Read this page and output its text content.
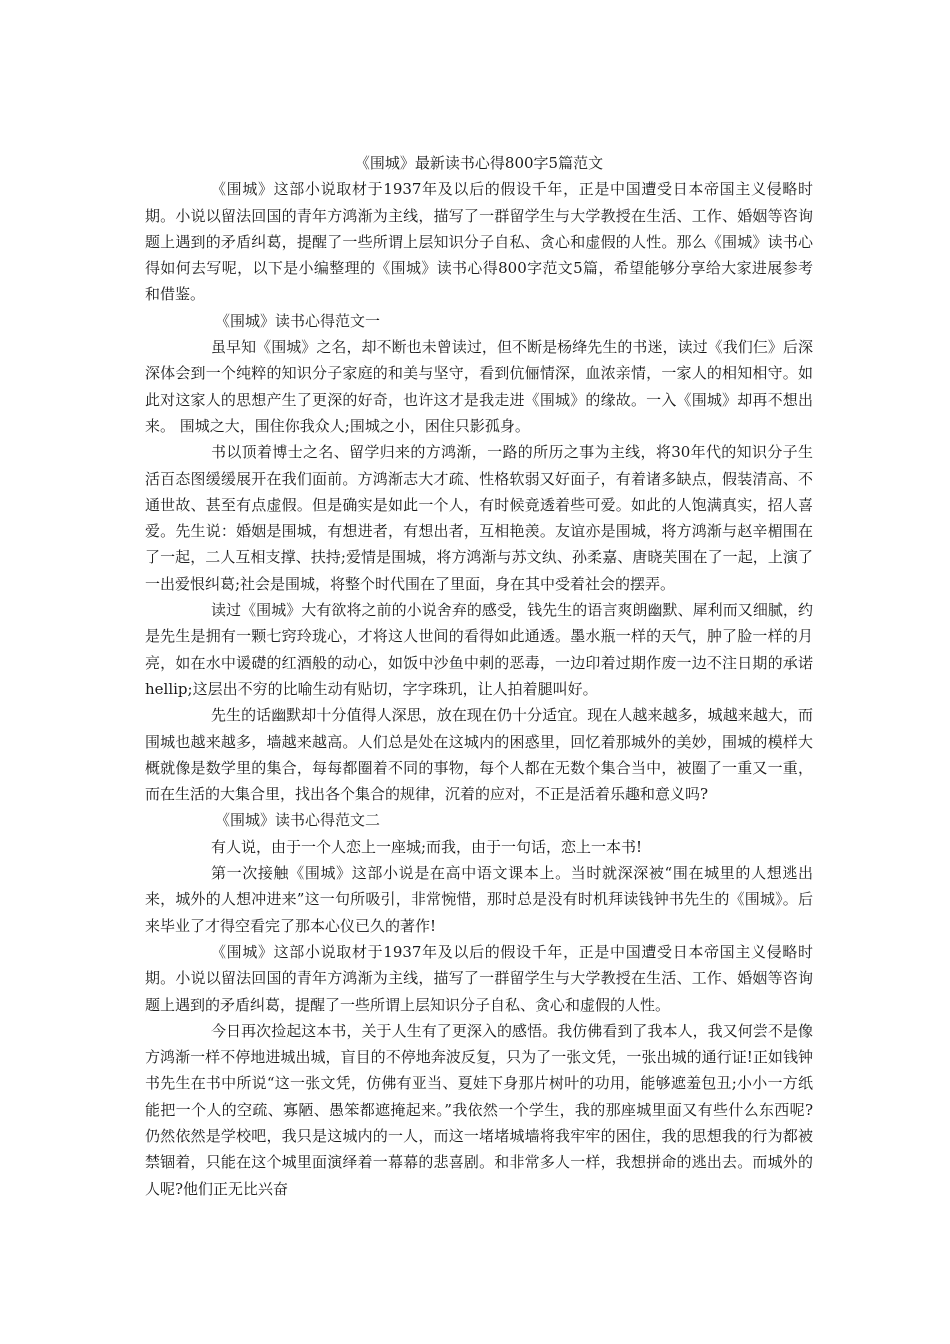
《围城》最新读书心得800字5篇范文

《围城》这部小说取材于1937年及以后的假设千年，正是中国遭受日本帝国主义侵略时期。小说以留法回国的青年方鸿渐为主线，描写了一群留学生与大学教授在生活、工作、婚姻等咨询题上遇到的矛盾纠葛，提醒了一些所谓上层知识分子自私、贪心和虚假的人性。那么《围城》读书心得如何去写呢，以下是小编整理的《围城》读书心得800字范文5篇，希望能够分享给大家进展参考和借鉴。

《围城》读书心得范文一

虽早知《围城》之名，却不断也未曾读过，但不断是杨绛先生的书迷，读过《我们仨》后深深体会到一个纯粹的知识分子家庭的和美与坚守，看到伉俪情深，血浓亲情，一家人的相知相守。如此对这家人的思想产生了更深的好奇，也许这才是我走进《围城》的缘故。一入《围城》却再不想出来。 围城之大，围住你我众人;围城之小，困住只影孤身。

书以顶着博士之名、留学归来的方鸿渐，一路的所历之事为主线，将30年代的知识分子生活百态图缓缓展开在我们面前。方鸿渐志大才疏、性格软弱又好面子，有着诸多缺点，假装清高、不通世故、甚至有点虚假。但是确实是如此一个人，有时候竟透着些可爱。如此的人饱满真实，招人喜爱。先生说：婚姻是围城，有想进者，有想出者，互相艳羡。友谊亦是围城，将方鸿渐与赵辛楣围在了一起，二人互相支撑、扶持;爱情是围城，将方鸿渐与苏文纨、孙柔嘉、唐晓芙围在了一起，上演了一出爱恨纠葛;社会是围城，将整个时代围在了里面，身在其中受着社会的摆弄。

读过《围城》大有欲将之前的小说舍弃的感受，钱先生的语言爽朗幽默、犀利而又细腻，约是先生是拥有一颗七窍玲珑心，才将这人世间的看得如此通透。墨水瓶一样的天气，肿了脸一样的月亮，如在水中谖礎的红酒般的动心，如饭中沙鱼中刺的恶毒，一边印着过期作废一边不注日期的承诺 hellip;这层出不穷的比喻生动有贴切，字字珠玑，让人拍着腿叫好。

先生的话幽默却十分值得人深思，放在现在仍十分适宜。现在人越来越多，城越来越大，而围城也越来越多，墙越来越高。人们总是处在这城内的困惑里，回忆着那城外的美妙，围城的模样大概就像是数学里的集合，每每都圈着不同的事物，每个人都在无数个集合当中，被圈了一重又一重，而在生活的大集合里，找出各个集合的规律，沉着的应对，不正是活着乐趣和意义吗?

《围城》读书心得范文二

有人说，由于一个人恋上一座城;而我，由于一句话，恋上一本书!

第一次接触《围城》这部小说是在高中语文课本上。当时就深深被“围在城里的人想逃出来，城外的人想冲进来”这一句所吸引，非常惋惜，那时总是没有时机拜读钱钟书先生的《围城》。后来毕业了才得空看完了那本心仪已久的著作!

《围城》这部小说取材于1937年及以后的假设千年，正是中国遭受日本帝国主义侵略时期。小说以留法回国的青年方鸿渐为主线，描写了一群留学生与大学教授在生活、工作、婚姻等咨询题上遇到的矛盾纠葛，提醒了一些所谓上层知识分子自私、贪心和虚假的人性。

今日再次捡起这本书，关于人生有了更深入的感悟。我仿佛看到了我本人，我又何尝不是像方鸿渐一样不停地进城出城，盲目的不停地奔波反复，只为了一张文凭，一张出城的通行证!正如钱钟书先生在书中所说“这一张文凭，仿佛有亚当、夏娃下身那片树叶的功用，能够遮羞包丑;小小一方纸能把一个人的空疏、寡陋、愚笨都遮掩起来。”我依然一个学生，我的那座城里面又有些什么东西呢?仍然依然是学校吧，我只是这城内的一人，而这一堵堵城墙将我牢牢的困住，我的思想我的行为都被禁锢着，只能在这个城里面演绎着一幕幕的悲喜剧。和非常多人一样，我想拼命的逃出去。而城外的人呢?他们正无比兴奋
